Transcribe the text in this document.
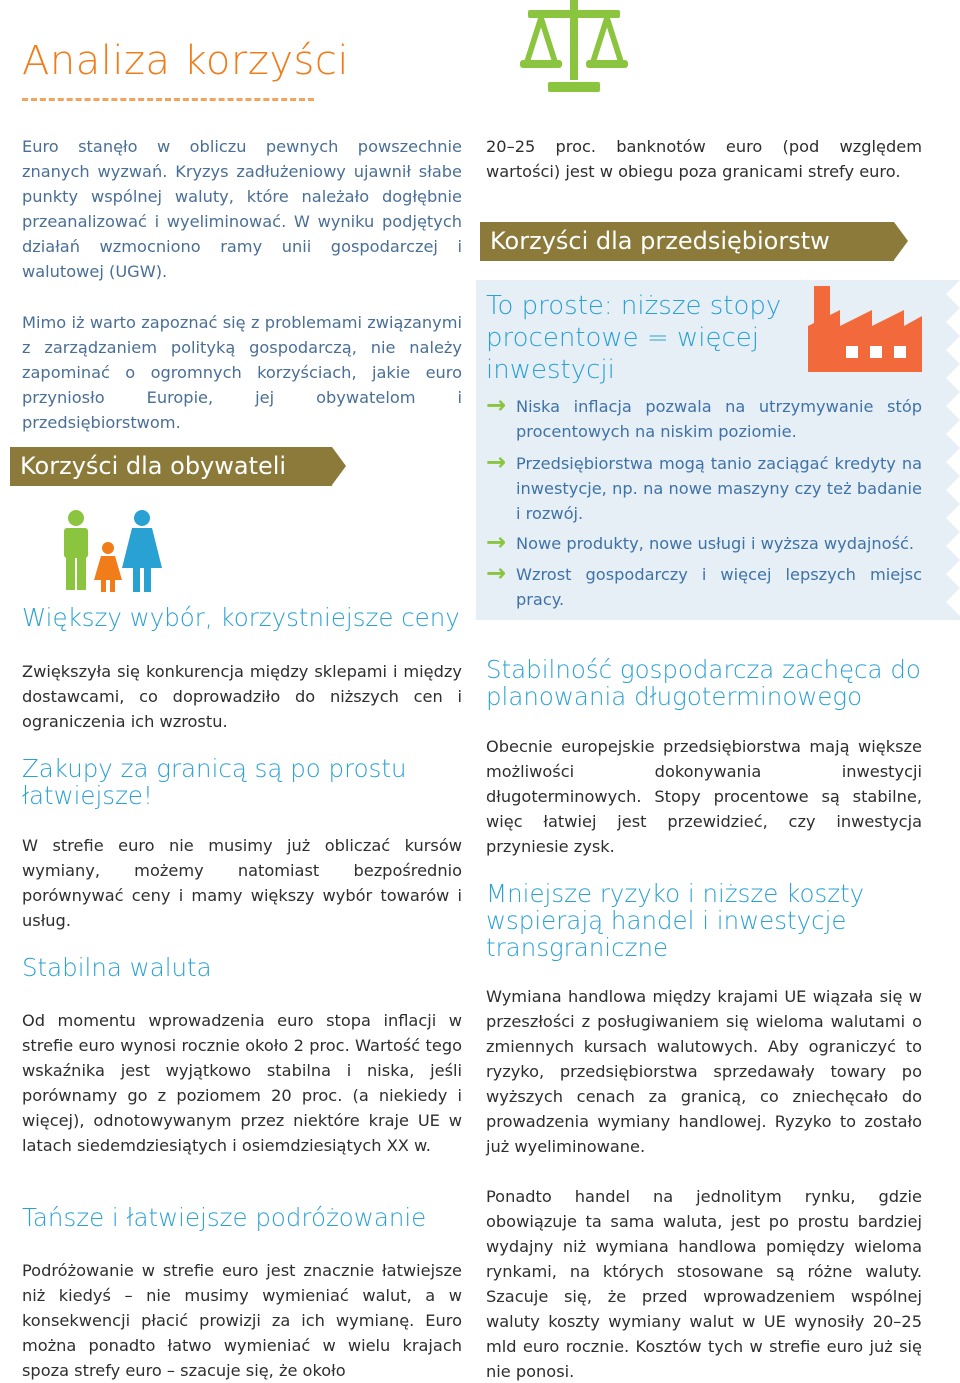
Analiza korzyści
Euro stanęło w obliczu pewnych powszechnie znanych wyzwań. Kryzys zadłużeniowy ujawnił słabe punkty wspólnej waluty, które należało dogłębnie przeanalizować i wyeliminować. W wyniku podjętych działań wzmocniono ramy unii gospodarczej i walutowej (UGW).
Mimo iż warto zapoznać się z problemami związanymi z zarządzaniem polityką gospodarczą, nie należy zapominać o ogromnych korzyściach, jakie euro przyniosło Europie, jej obywatelom i przedsiębiorstwom.
Korzyści dla obywateli
Większy wybór, korzystniejsze ceny
Zwiększyła się konkurencja między sklepami i między dostawcami, co doprowadziło do niższych cen i ograniczenia ich wzrostu.
Zakupy za granicą są po prostu łatwiejsze!
W strefie euro nie musimy już obliczać kursów wymiany, możemy natomiast bezpośrednio porównywać ceny i mamy większy wybór towarów i usług.
Stabilna waluta
Od momentu wprowadzenia euro stopa inflacji w strefie euro wynosi rocznie około 2 proc. Wartość tego wskaźnika jest wyjątkowo stabilna i niska, jeśli porównamy go z poziomem 20 proc. (a niekiedy i więcej), odnotowywanym przez niektóre kraje UE w latach siedemdziesiątych i osiemdziesiątych XX w.
Tańsze i łatwiejsze podróżowanie
Podróżowanie w strefie euro jest znacznie łatwiejsze niż kiedyś – nie musimy wymieniać walut, a w konsekwencji płacić prowizji za ich wymianę. Euro można ponadto łatwo wymieniać w wielu krajach spoza strefy euro – szacuje się, że około
20–25 proc. banknotów euro (pod względem wartości) jest w obiegu poza granicami strefy euro.
Korzyści dla przedsiębiorstw
To proste: niższe stopy procentowe = więcej inwestycji
→ Niska inflacja pozwala na utrzymywanie stóp procentowych na niskim poziomie.
→ Przedsiębiorstwa mogą tanio zaciągać kredyty na inwestycje, np. na nowe maszyny czy też badanie i rozwój.
→ Nowe produkty, nowe usługi i wyższa wydajność.
→ Wzrost gospodarczy i więcej lepszych miejsc pracy.
Stabilność gospodarcza zachęca do planowania długoterminowego
Obecnie europejskie przedsiębiorstwa mają większe możliwości dokonywania inwestycji długoterminowych. Stopy procentowe są stabilne, więc łatwiej jest przewidzieć, czy inwestycja przyniesie zysk.
Mniejsze ryzyko i niższe koszty wspierają handel i inwestycje transgraniczne
Wymiana handlowa między krajami UE wiązała się w przeszłości z posługiwaniem się wieloma walutami o zmiennych kursach walutowych. Aby ograniczyć to ryzyko, przedsiębiorstwa sprzedawały towary po wyższych cenach za granicą, co zniechęcało do prowadzenia wymiany handlowej. Ryzyko to zostało już wyeliminowane.
Ponadto handel na jednolitym rynku, gdzie obowiązuje ta sama waluta, jest po prostu bardziej wydajny niż wymiana handlowa pomiędzy wieloma rynkami, na których stosowane są różne waluty. Szacuje się, że przed wprowadzeniem wspólnej waluty koszty wymiany walut w UE wynosiły 20–25 mld euro rocznie. Kosztów tych w strefie euro już się nie ponosi.
